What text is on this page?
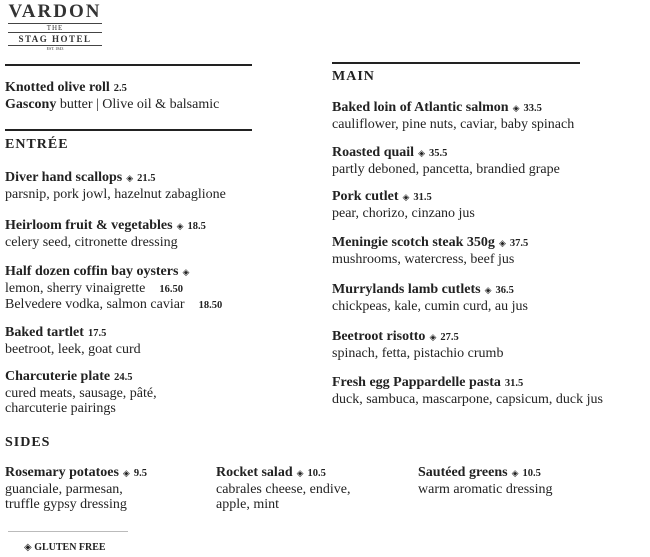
VARDON
THE
STAG HOTEL
EST. 1843
Knotted olive roll 2.5
Gascony butter | Olive oil & balsamic
ENTRÉE
MAIN
SIDES
Diver hand scallops ◈ 21.5
parsnip, pork jowl, hazelnut zabaglione
Heirloom fruit & vegetables ◈ 18.5
celery seed, citronette dressing
Half dozen coffin bay oysters ◈
lemon, sherry vinaigrette 16.50
Belvedere vodka, salmon caviar 18.50
Baked tartlet 17.5
beetroot, leek, goat curd
Charcuterie plate 24.5
cured meats, sausage, pâté,
charcuterie pairings
Baked loin of Atlantic salmon ◈ 33.5
cauliflower, pine nuts, caviar, baby spinach
Roasted quail ◈ 35.5
partly deboned, pancetta, brandied grape
Pork cutlet ◈ 31.5
pear, chorizo, cinzano jus
Meningie scotch steak 350g ◈ 37.5
mushrooms, watercress, beef jus
Murrylands lamb cutlets ◈ 36.5
chickpeas, kale, cumin curd, au jus
Beetroot risotto ◈ 27.5
spinach, fetta, pistachio crumb
Fresh egg Pappardelle pasta 31.5
duck, sambuca, mascarpone, capsicum, duck jus
Rosemary potatoes ◈ 9.5
guanciale, parmesan,
truffle gypsy dressing
Rocket salad ◈ 10.5
cabrales cheese, endive,
apple, mint
Sautéed greens ◈ 10.5
warm aromatic dressing
◈ GLUTEN FREE
